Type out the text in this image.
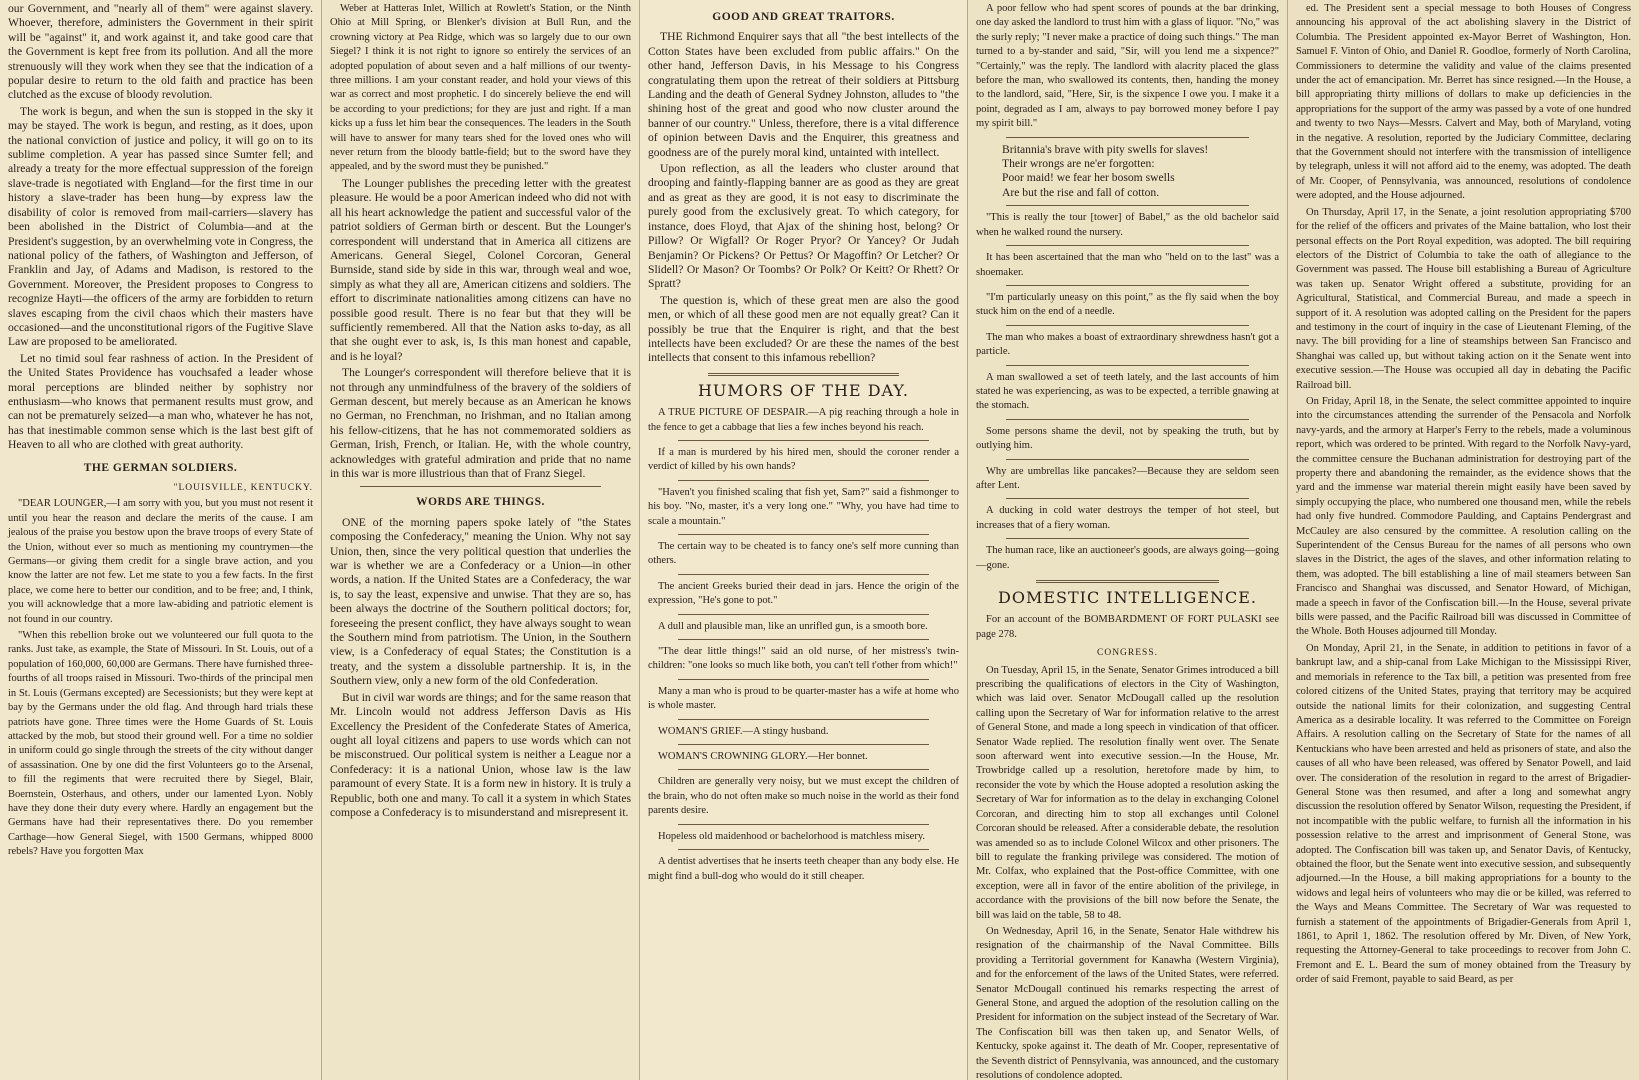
our Government, and "nearly all of them" were against slavery. Whoever, therefore, administers the Government in their spirit will be "against" it, and work against it, and take good care that the Government is kept free from its pollution. And all the more strenuously will they work when they see that the indication of a popular desire to return to the old faith and practice has been clutched as the excuse of bloody revolution.

The work is begun, and when the sun is stopped in the sky it may be stayed. The work is begun, and resting, as it does, upon the national conviction of justice and policy, it will go on to its sublime completion. A year has passed since Sumter fell; and already a treaty for the more effectual suppression of the foreign slave-trade is negotiated with England—for the first time in our history a slave-trader has been hung—by express law the disability of color is removed from mail-carriers—slavery has been abolished in the District of Columbia—and at the President's suggestion, by an overwhelming vote in Congress, the national policy of the fathers, of Washington and Jefferson, of Franklin and Jay, of Adams and Madison, is restored to the Government. Moreover, the President proposes to Congress to recognize Hayti—the officers of the army are forbidden to return slaves escaping from the civil chaos which their masters have occasioned—and the unconstitutional rigors of the Fugitive Slave Law are proposed to be ameliorated.

Let no timid soul fear rashness of action. In the President of the United States Providence has vouchsafed a leader whose moral perceptions are blinded neither by sophistry nor enthusiasm—who knows that permanent results must grow, and can not be prematurely seized—a man who, whatever he has not, has that inestimable common sense which is the last best gift of Heaven to all who are clothed with great authority.

THE GERMAN SOLDIERS.
"LOUISVILLE, KENTUCKY.

"DEAR LOUNGER,—I am sorry with you, but you must not resent it until you hear the reason and declare the merits of the cause. I am jealous of the praise you bestow upon the brave troops of every State of the Union, without ever so much as mentioning my countrymen—the Germans—or giving them credit for a single brave action, and you know the latter are not few. Let me state to you a few facts. In the first place, we come here to better our condition, and to be free; and, I think, you will acknowledge that a more law-abiding and patriotic element is not found in our country.

"When this rebellion broke out we volunteered our full quota to the ranks. Just take, as example, the State of Missouri. In St. Louis, out of a population of 160,000, 60,000 are Germans. There have furnished three-fourths of all troops raised in Missouri. Two-thirds of the principal men in St. Louis (Germans excepted) are Secessionists; but they were kept at bay by the Germans under the old flag. And through hard trials these patriots have gone. Three times were the Home Guards of St. Louis attacked by the mob, but stood their ground well. For a time no soldier in uniform could go single through the streets of the city without danger of assassination. One by one did the first Volunteers go to the Arsenal, to fill the regiments that were recruited there by Siegel, Blair, Boernstein, Osterhaus, and others, under our lamented Lyon. Nobly have they done their duty every where. Hardly an engagement but the Germans have had their representatives there. Do you remember Carthage—how General Siegel, with 1500 Germans, whipped 8000 rebels? Have you forgotten Max

Weber at Hatteras Inlet, Willich at Rowlett's Station, or the Ninth Ohio at Mill Spring, or Blenker's division at Bull Run, and the crowning victory at Pea Ridge, which was so largely due to our own Siegel? I think it is not right to ignore so entirely the services of an adopted population of about seven and a half millions of our twenty-three millions. I am your constant reader, and hold your views of this war as correct and most prophetic. I do sincerely believe the end will be according to your predictions; for they are just and right. If a man kicks up a fuss let him bear the consequences. The leaders in the South will have to answer for many tears shed for the loved ones who will never return from the bloody battle-field; but to the sword have they appealed, and by the sword must they be punished."

The Lounger publishes the preceding letter with the greatest pleasure. He would be a poor American indeed who did not with all his heart acknowledge the patient and successful valor of the patriot soldiers of German birth or descent. But the Lounger's correspondent will understand that in America all citizens are Americans. General Siegel, Colonel Corcoran, General Burnside, stand side by side in this war, through weal and woe, simply as what they all are, American citizens and soldiers. The effort to discriminate nationalities among citizens can have no possible good result. There is no fear but that they will be sufficiently remembered. All that the Nation asks to-day, as all that she ought ever to ask, is, Is this man honest and capable, and is he loyal?

The Lounger's correspondent will therefore believe that it is not through any unmindfulness of the bravery of the soldiers of German descent, but merely because as an American he knows no German, no Frenchman, no Irishman, and no Italian among his fellow-citizens, that he has not commemorated soldiers as German, Irish, French, or Italian. He, with the whole country, acknowledges with grateful admiration and pride that no name in this war is more illustrious than that of Franz Siegel.

WORDS ARE THINGS.

ONE of the morning papers spoke lately of "the States composing the Confederacy," meaning the Union. Why not say Union, then, since the very political question that underlies the war is whether we are a Confederacy or a Union—in other words, a nation. If the United States are a Confederacy, the war is, to say the least, expensive and unwise. That they are so, has been always the doctrine of the Southern political doctors; for, foreseeing the present conflict, they have always sought to wean the Southern mind from patriotism. The Union, in the Southern view, is a Confederacy of equal States; the Constitution is a treaty, and the system a dissoluble partnership. It is, in the Southern view, only a new form of the old Confederation.

But in civil war words are things; and for the same reason that Mr. Lincoln would not address Jefferson Davis as His Excellency the President of the Confederate States of America, ought all loyal citizens and papers to use words which can not be misconstrued. Our political system is neither a League nor a Confederacy: it is a national Union, whose law is the law paramount of every State. It is a form new in history. It is truly a Republic, both one and many. To call it a system in which States compose a Confederacy is to misunderstand and misrepresent it.

GOOD AND GREAT TRAITORS.

THE Richmond Enquirer says that all "the best intellects of the Cotton States have been excluded from public affairs." On the other hand, Jefferson Davis, in his Message to his Congress congratulating them upon the retreat of their soldiers at Pittsburg Landing and the death of General Sydney Johnston, alludes to "the shining host of the great and good who now cluster around the banner of our country." Unless, therefore, there is a vital difference of opinion between Davis and the Enquirer, this greatness and goodness are of the purely moral kind, untainted with intellect.

Upon reflection, as all the leaders who cluster around that drooping and faintly-flapping banner are as good as they are great and as great as they are good, it is not easy to discriminate the purely good from the exclusively great. To which category, for instance, does Floyd, that Ajax of the shining host, belong? Or Pillow? Or Wigfall? Or Roger Pryor? Or Yancey? Or Judah Benjamin? Or Pickens? Or Pettus? Or Magoffin? Or Letcher? Or Slidell? Or Mason? Or Toombs? Or Polk? Or Keitt? Or Rhett? Or Spratt?

The question is, which of these great men are also the good men, or which of all these good men are not equally great? Can it possibly be true that the Enquirer is right, and that the best intellects have been excluded? Or are these the names of the best intellects that consent to this infamous rebellion?

HUMORS OF THE DAY.

A TRUE PICTURE OF DESPAIR.—A pig reaching through a hole in the fence to get a cabbage that lies a few inches beyond his reach.

If a man is murdered by his hired men, should the coroner render a verdict of killed by his own hands?

"Haven't you finished scaling that fish yet, Sam?" said a fishmonger to his boy. "No, master, it's a very long one." "Why, you have had time to scale a mountain."

The certain way to be cheated is to fancy one's self more cunning than others.

The ancient Greeks buried their dead in jars. Hence the origin of the expression, "He's gone to pot."

A dull and plausible man, like an unrifled gun, is a smooth bore.

"The dear little things!" said an old nurse, of her mistress's twin-children: "one looks so much like both, you can't tell t'other from which!"

Many a man who is proud to be quarter-master has a wife at home who is whole master.

WOMAN'S GRIEF.—A stingy husband.

WOMAN'S CROWNING GLORY.—Her bonnet.

Children are generally very noisy, but we must except the children of the brain, who do not often make so much noise in the world as their fond parents desire.

Hopeless old maidenhood or bachelorhood is matchless misery.

A dentist advertises that he inserts teeth cheaper than any body else. He might find a bull-dog who would do it still cheaper.

A poor fellow who had spent scores of pounds at the bar drinking, one day asked the landlord to trust him with a glass of liquor. "No," was the surly reply; "I never make a practice of doing such things." The man turned to a by-stander and said, "Sir, will you lend me a sixpence?" "Certainly," was the reply. The landlord with alacrity placed the glass before the man, who swallowed its contents, then, handing the money to the landlord, said, "Here, Sir, is the sixpence I owe you. I make it a point, degraded as I am, always to pay borrowed money before I pay my spirit bill."

Britannia's brave with pity swells for slaves!

Their wrongs are ne'er forgotten:

Poor maid! we fear her bosom swells

Are but the rise and fall of cotton.

"This is really the tour [tower] of Babel," as the old bachelor said when he walked round the nursery.

It has been ascertained that the man who "held on to the last" was a shoemaker.

"I'm particularly uneasy on this point," as the fly said when the boy stuck him on the end of a needle.

The man who makes a boast of extraordinary shrewdness hasn't got a particle.

A man swallowed a set of teeth lately, and the last accounts of him stated he was experiencing, as was to be expected, a terrible gnawing at the stomach.

Some persons shame the devil, not by speaking the truth, but by outlying him.

Why are umbrellas like pancakes?—Because they are seldom seen after Lent.

A ducking in cold water destroys the temper of hot steel, but increases that of a fiery woman.

The human race, like an auctioneer's goods, are always going—going—gone.

DOMESTIC INTELLIGENCE.

For an account of the BOMBARDMENT OF FORT PULASKI see page 278.

CONGRESS.

On Tuesday, April 15, in the Senate, Senator Grimes introduced a bill prescribing the qualifications of electors in the City of Washington, which was laid over. Senator McDougall called up the resolution calling upon the Secretary of War for information relative to the arrest of General Stone, and made a long speech in vindication of that officer. Senator Wade replied. The resolution finally went over. The Senate soon afterward went into executive session.—In the House, Mr. Trowbridge called up a resolution, heretofore made by him, to reconsider the vote by which the House adopted a resolution asking the Secretary of War for information as to the delay in exchanging Colonel Corcoran, and directing him to stop all exchanges until Colonel Corcoran should be released. After a considerable debate, the resolution was amended so as to include Colonel Wilcox and other prisoners. The bill to regulate the franking privilege was considered. The motion of Mr. Colfax, who explained that the Post-office Committee, with one exception, were all in favor of the entire abolition of the privilege, in accordance with the provisions of the bill now before the Senate, the bill was laid on the table, 58 to 48.

On Wednesday, April 16, in the Senate, Senator Hale withdrew his resignation of the chairmanship of the Naval Committee. Bills providing a Territorial government for Kanawha (Western Virginia), and for the enforcement of the laws of the United States, were referred. Senator McDougall continued his remarks respecting the arrest of General Stone, and argued the adoption of the resolution calling on the President for information on the subject instead of the Secretary of War. The Confiscation bill was then taken up, and Senator Wells, of Kentucky, spoke against it. The death of Mr. Cooper, representative of the Seventh district of Pennsylvania, was announced, and the customary resolutions of condolence adopted.

ed. The President sent a special message to both Houses of Congress announcing his approval of the act abolishing slavery in the District of Columbia. The President appointed ex-Mayor Berret of Washington, Hon. Samuel F. Vinton of Ohio, and Daniel R. Goodloe, formerly of North Carolina, Commissioners to determine the validity and value of the claims presented under the act of emancipation. Mr. Berret has since resigned.—In the House, a bill appropriating thirty millions of dollars to make up deficiencies in the appropriations for the support of the army was passed by a vote of one hundred and twenty to two Nays—Messrs. Calvert and May, both of Maryland, voting in the negative. A resolution, reported by the Judiciary Committee, declaring that the Government should not interfere with the transmission of intelligence by telegraph, unless it will not afford aid to the enemy, was adopted. The death of Mr. Cooper, of Pennsylvania, was announced, resolutions of condolence were adopted, and the House adjourned.

On Thursday, April 17, in the Senate, a joint resolution appropriating $700 for the relief of the officers and privates of the Maine battalion, who lost their personal effects on the Port Royal expedition, was adopted. The bill requiring electors of the District of Columbia to take the oath of allegiance to the Government was passed. The House bill establishing a Bureau of Agriculture was taken up. Senator Wright offered a substitute, providing for an Agricultural, Statistical, and Commercial Bureau, and made a speech in support of it. A resolution was adopted calling on the President for the papers and testimony in the court of inquiry in the case of Lieutenant Fleming, of the navy. The bill providing for a line of steamships between San Francisco and Shanghai was called up, but without taking action on it the Senate went into executive session.—The House was occupied all day in debating the Pacific Railroad bill.

On Friday, April 18, in the Senate, the select committee appointed to inquire into the circumstances attending the surrender of the Pensacola and Norfolk navy-yards, and the armory at Harper's Ferry to the rebels, made a voluminous report, which was ordered to be printed. With regard to the Norfolk Navy-yard, the committee censure the Buchanan administration for destroying part of the property there and abandoning the remainder, as the evidence shows that the yard and the immense war material therein might easily have been saved by simply occupying the place, who numbered one thousand men, while the rebels had only five hundred. Commodore Paulding, and Captains Pendergrast and McCauley are also censured by the committee. A resolution calling on the Superintendent of the Census Bureau for the names of all persons who own slaves in the District, the ages of the slaves, and other information relating to them, was adopted. The bill establishing a line of mail steamers between San Francisco and Shanghai was discussed, and Senator Howard, of Michigan, made a speech in favor of the Confiscation bill.—In the House, several private bills were passed, and the Pacific Railroad bill was discussed in Committee of the Whole. Both Houses adjourned till Monday.

On Monday, April 21, in the Senate, in addition to petitions in favor of a bankrupt law, and a ship-canal from Lake Michigan to the Mississippi River, and memorials in reference to the Tax bill, a petition was presented from free colored citizens of the United States, praying that territory may be acquired outside the national limits for their colonization, and suggesting Central America as a desirable locality. It was referred to the Committee on Foreign Affairs. A resolution calling on the Secretary of State for the names of all Kentuckians who have been arrested and held as prisoners of state, and also the causes of all who have been released, was offered by Senator Powell, and laid over. The consideration of the resolution in regard to the arrest of Brigadier-General Stone was then resumed, and after a long and somewhat angry discussion the resolution offered by Senator Wilson, requesting the President, if not incompatible with the public welfare, to furnish all the information in his possession relative to the arrest and imprisonment of General Stone, was adopted. The Confiscation bill was taken up, and Senator Davis, of Kentucky, obtained the floor, but the Senate went into executive session, and subsequently adjourned.—In the House, a bill making appropriations for a bounty to the widows and legal heirs of volunteers who may die or be killed, was referred to the Ways and Means Committee. The Secretary of War was requested to furnish a statement of the appointments of Brigadier-Generals from April 1, 1861, to April 1, 1862. The resolution offered by Mr. Diven, of New York, requesting the Attorney-General to take proceedings to recover from John C. Fremont and E. L. Beard the sum of money obtained from the Treasury by order of said Fremont, payable to said Beard, as per
